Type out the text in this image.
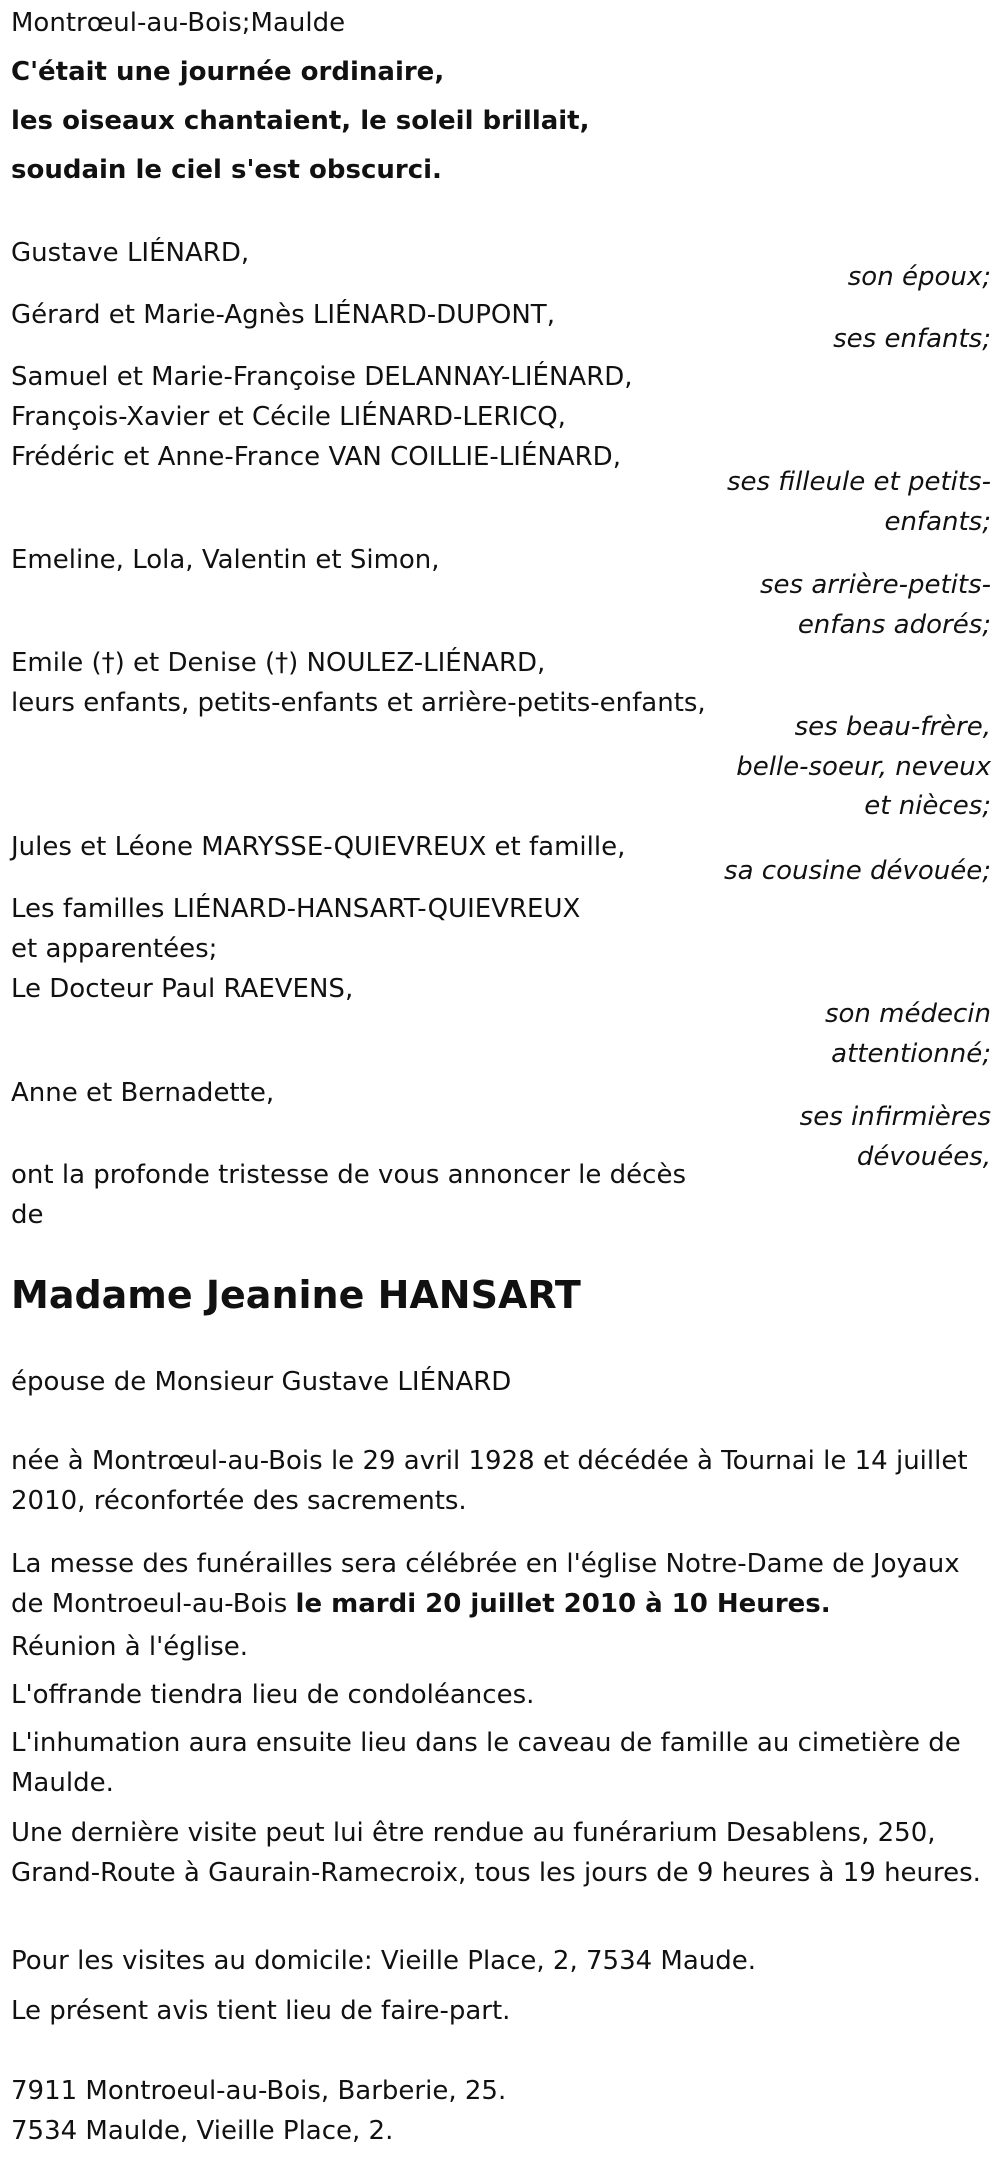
Montrœul-au-Bois;Maulde

C'était une journée ordinaire,

les oiseaux chantaient, le soleil brillait,

soudain le ciel s'est obscurci.

Gustave LIÉNARD,

Gérard et Marie-Agnès LIÉNARD-DUPONT,

Samuel et Marie-Françoise DELANNAY-LIÉNARD,

François-Xavier et Cécile LIÉNARD-LERICQ,

Frédéric et Anne-France VAN COILLIE-LIÉNARD,

Emeline, Lola, Valentin et Simon,

Emile (†) et Denise (†) NOULEZ-LIÉNARD,

leurs enfants, petits-enfants et arrière-petits-enfants,

Jules et Léone MARYSSE-QUIEVREUX et famille,

Les familles LIÉNARD-HANSART-QUIEVREUX

et apparentées;

Le Docteur Paul RAEVENS,

Anne et Bernadette,

son époux;

ses enfants;

ses filleule et petits-
enfants;

ses arrière-petits-
enfans adorés;

ses beau-frère,
belle-soeur, neveux
et nièces;

sa cousine dévouée;

son médecin
attentionné;

ses infirmières
dévouées,

ont la profonde tristesse de vous annoncer le décès

de

Madame Jeanine HANSART

épouse de Monsieur Gustave LIÉNARD

née à Montrœul-au-Bois le 29 avril 1928 et décédée à Tournai le 14 juillet 2010, réconfortée des sacrements.

La messe des funérailles sera célébrée en l'église Notre-Dame de Joyaux de Montroeul-au-Bois le mardi 20 juillet 2010 à 10 Heures.

Réunion à l'église.

L'offrande tiendra lieu de condoléances.

L'inhumation aura ensuite lieu dans le caveau de famille au cimetière de Maulde.

Une dernière visite peut lui être rendue au funérarium Desablens, 250, Grand-Route à Gaurain-Ramecroix, tous les jours de 9 heures à 19 heures.

Pour les visites au domicile: Vieille Place, 2, 7534 Maude.

Le présent avis tient lieu de faire-part.

7911 Montroeul-au-Bois, Barberie, 25.

7534 Maulde, Vieille Place, 2.
